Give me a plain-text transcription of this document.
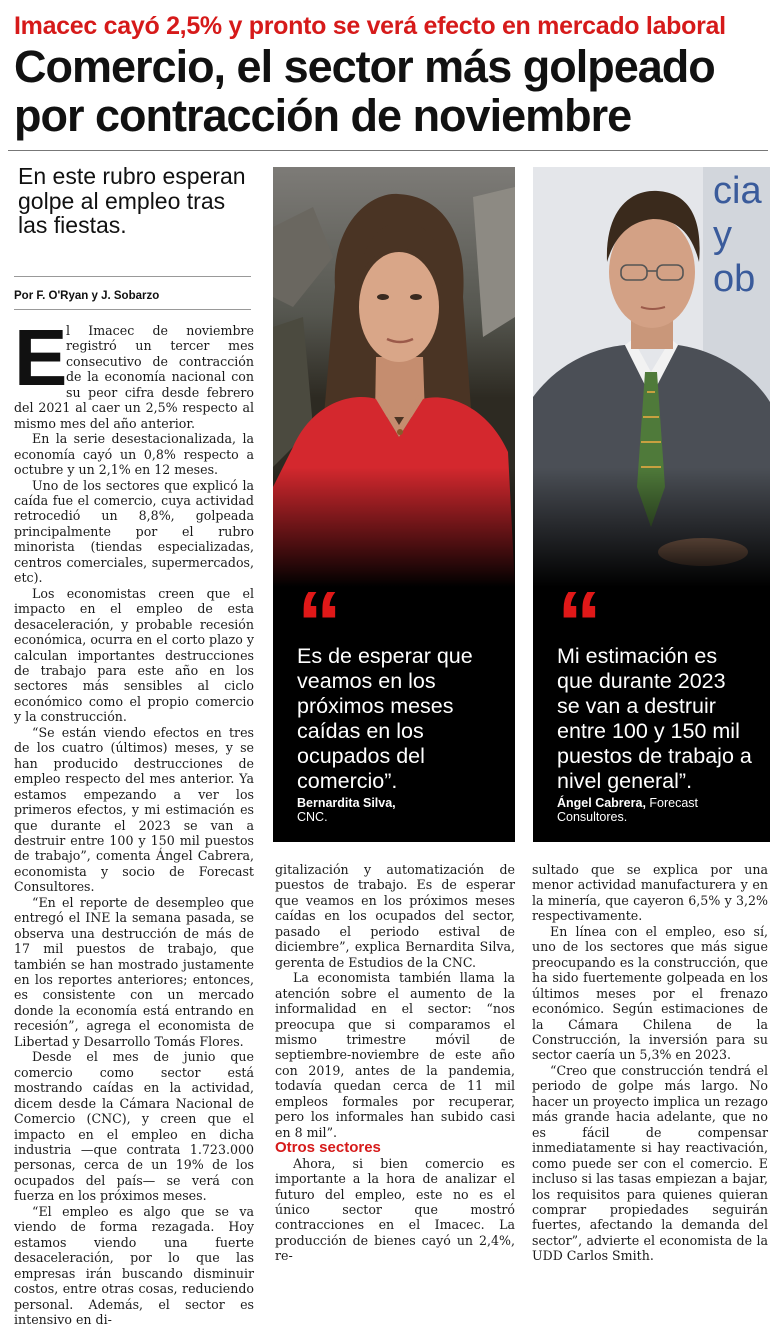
Imacec cayó 2,5% y pronto se verá efecto en mercado laboral
Comercio, el sector más golpeado por contracción de noviembre
En este rubro esperan golpe al empleo tras las fiestas.
Por F. O'Ryan y J. Sobarzo

E
l Imacec de noviembre registró un tercer mes consecutivo de contracción de la economía nacional con su peor cifra desde febrero del 2021 al caer un 2,5% respecto al mismo mes del año anterior.

En la serie desestacionalizada, la economía cayó un 0,8% respecto a octubre y un 2,1% en 12 meses.

Uno de los sectores que explicó la caída fue el comercio, cuya actividad retrocedió un 8,8%, golpeada principalmente por el rubro minorista (tiendas especializadas, centros comerciales, supermercados, etc).

Los economistas creen que el impacto en el empleo de esta desaceleración, y probable recesión económica, ocurra en el corto plazo y calculan importantes destrucciones de trabajo para este año en los sectores más sensibles al ciclo económico como el propio comercio y la construcción.

“Se están viendo efectos en tres de los cuatro (últimos) meses, y se han producido destrucciones de empleo respecto del mes anterior. Ya estamos empezando a ver los primeros efectos, y mi estimación es que durante el 2023 se van a destruir entre 100 y 150 mil puestos de trabajo”, comenta Ángel Cabrera, economista y socio de Forecast Consultores.

“En el reporte de desempleo que entregó el INE la semana pasada, se observa una destrucción de más de 17 mil puestos de trabajo, que también se han mostrado justamente en los reportes anteriores; entonces, es consistente con un mercado donde la economía está entrando en recesión”, agrega el economista de Libertad y Desarrollo Tomás Flores.

Desde el mes de junio que comercio como sector está mostrando caídas en la actividad, dicem desde la Cámara Nacional de Comercio (CNC), y creen que el impacto en el empleo en dicha industria —que contrata 1.723.000 personas, cerca de un 19% de los ocupados del país— se verá con fuerza en los próximos meses.

“El empleo es algo que se va viendo de forma rezagada. Hoy estamos viendo una fuerte desaceleración, por lo que las empresas irán buscando disminuir costos, entre otras cosas, reduciendo personal. Además, el sector es intensivo en di-

gitalización y automatización de puestos de trabajo. Es de esperar que veamos en los próximos meses caídas en los ocupados del sector, pasado el periodo estival de diciembre”, explica Bernardita Silva, gerenta de Estudios de la CNC.

La economista también llama la atención sobre el aumento de la informalidad en el sector: “nos preocupa que si comparamos el mismo trimestre móvil de septiembre-noviembre de este año con 2019, antes de la pandemia, todavía quedan cerca de 11 mil empleos formales por recuperar, pero los informales han subido casi en 8 mil”.

Otros sectores

Ahora, si bien comercio es importante a la hora de analizar el futuro del empleo, este no es el único sector que mostró contracciones en el Imacec. La producción de bienes cayó un 2,4%, re-

sultado que se explica por una menor actividad manufacturera y en la minería, que cayeron 6,5% y 3,2% respectivamente.

En línea con el empleo, eso sí, uno de los sectores que más sigue preocupando es la construcción, que ha sido fuertemente golpeada en los últimos meses por el frenazo económico. Según estimaciones de la Cámara Chilena de la Construcción, la inversión para su sector caería un 5,3% en 2023.

“Creo que construcción tendrá el periodo de golpe más largo. No hacer un proyecto implica un rezago más grande hacia adelante, que no es fácil de compensar inmediatamente si hay reactivación, como puede ser con el comercio. E incluso si las tasas empiezan a bajar, los requisitos para quienes quieran comprar propiedades seguirán fuertes, afectando la demanda del sector”, advierte el economista de la UDD Carlos Smith.

“
Es de esperar que veamos en los próximos meses caídas en los ocupados del comercio”.
Bernardita Silva,
CNC.
cia y ob
“
Mi estimación es que durante 2023 se van a destruir entre 100 y 150 mil puestos de trabajo a nivel general”.
Ángel Cabrera, Forecast Consultores.
